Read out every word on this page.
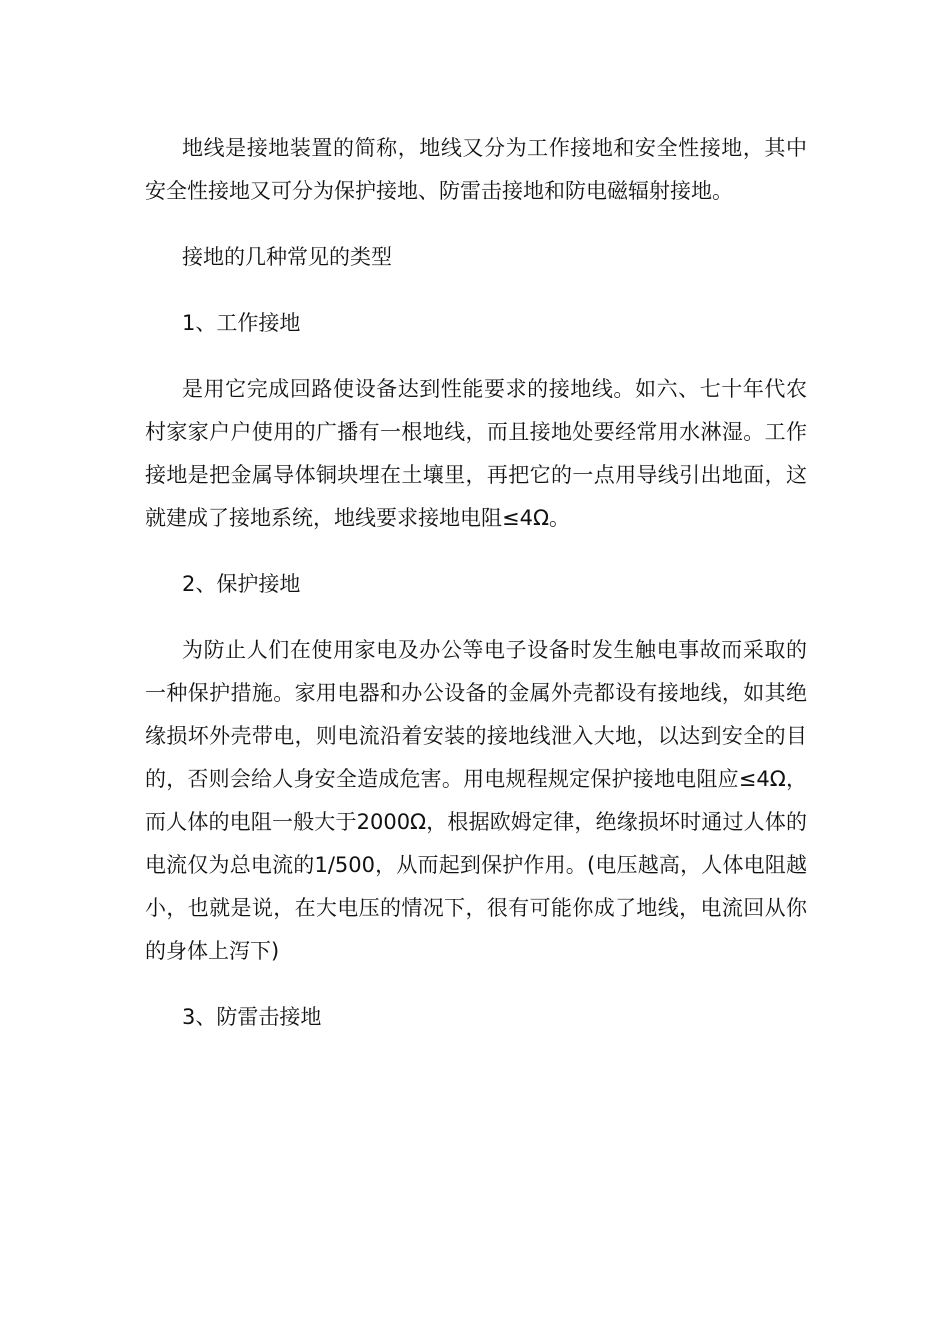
地线是接地装置的简称，地线又分为工作接地和安全性接地，其中安全性接地又可分为保护接地、防雷击接地和防电磁辐射接地。

接地的几种常见的类型

1、工作接地

是用它完成回路使设备达到性能要求的接地线。如六、七十年代农村家家户户使用的广播有一根地线，而且接地处要经常用水淋湿。工作接地是把金属导体铜块埋在土壤里，再把它的一点用导线引出地面，这就建成了接地系统，地线要求接地电阻≤4Ω。

2、保护接地

为防止人们在使用家电及办公等电子设备时发生触电事故而采取的一种保护措施。家用电器和办公设备的金属外壳都设有接地线，如其绝缘损坏外壳带电，则电流沿着安装的接地线泄入大地，以达到安全的目的，否则会给人身安全造成危害。用电规程规定保护接地电阻应≤4Ω，而人体的电阻一般大于2000Ω，根据欧姆定律，绝缘损坏时通过人体的电流仅为总电流的1/500，从而起到保护作用。(电压越高，人体电阻越小，也就是说，在大电压的情况下，很有可能你成了地线，电流回从你的身体上泻下)

3、防雷击接地
